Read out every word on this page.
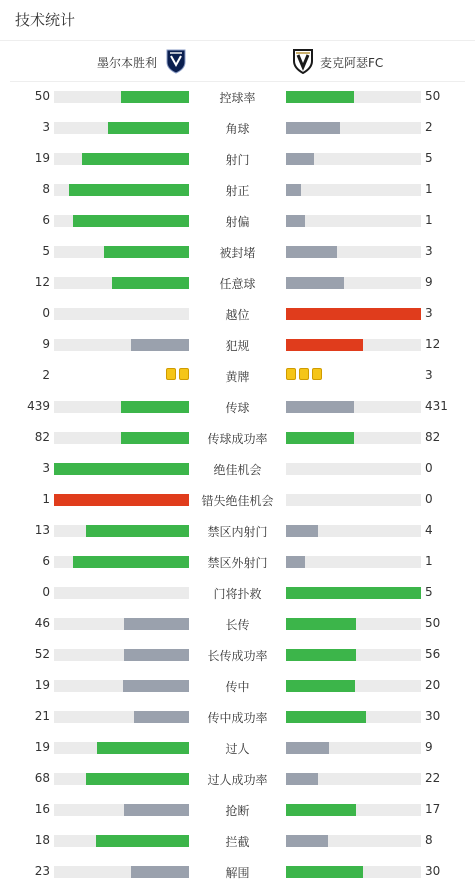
技术统计
墨尔本胜利	麦克阿瑟FC
50	控球率	50
3	角球	2
19	射门	5
8	射正	1
6	射偏	1
5	被封堵	3
12	任意球	9
0	越位	3
9	犯规	12
2	黄牌	3
439	传球	431
82	传球成功率	82
3	绝佳机会	0
1	错失绝佳机会	0
13	禁区内射门	4
6	禁区外射门	1
0	门将扑救	5
46	长传	50
52	长传成功率	56
19	传中	20
21	传中成功率	30
19	过人	9
68	过人成功率	22
16	抢断	17
18	拦截	8
23	解围	30
